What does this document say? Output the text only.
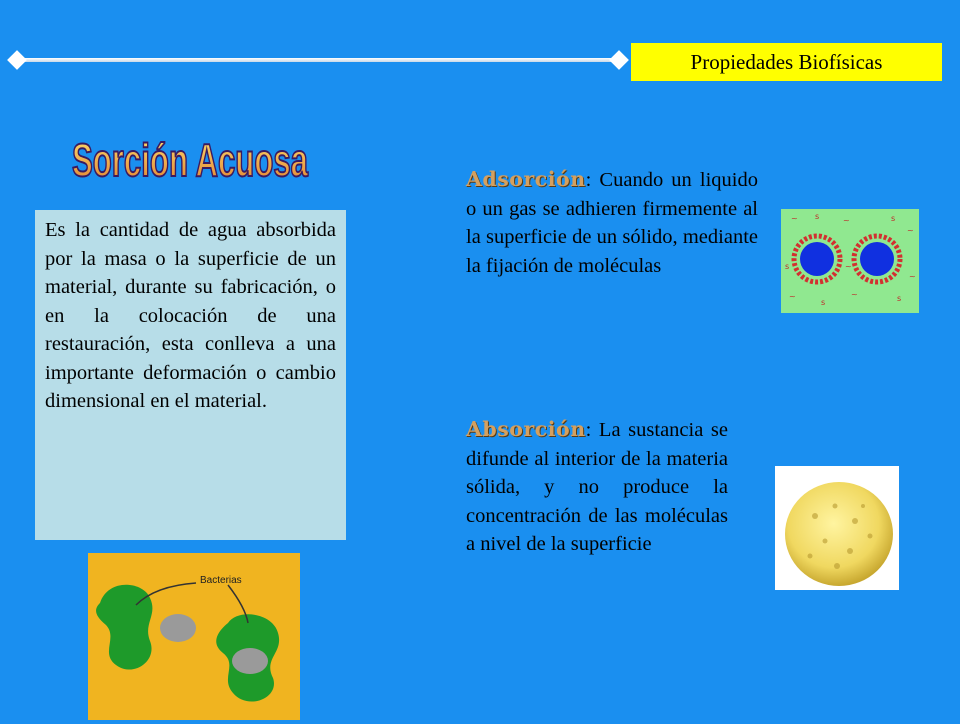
Propiedades Biofísicas
Sorción Acuosa
Es la cantidad de agua absorbida por la masa o la superficie de un material, durante su fabricación, o en la colocación de una restauración, esta conlleva a una importante deformación o cambio dimensional en el material.
Adsorción: Cuando un liquido o un gas se adhieren firmemente al la superficie de un sólido, mediante la fijación de moléculas
Absorción: La sustancia se difunde al interior de la materia sólida, y no produce la concentración de las moléculas a nivel de la superficie
~ s	~	s
~
~
s
~	s
~
s	~
Bacterias
